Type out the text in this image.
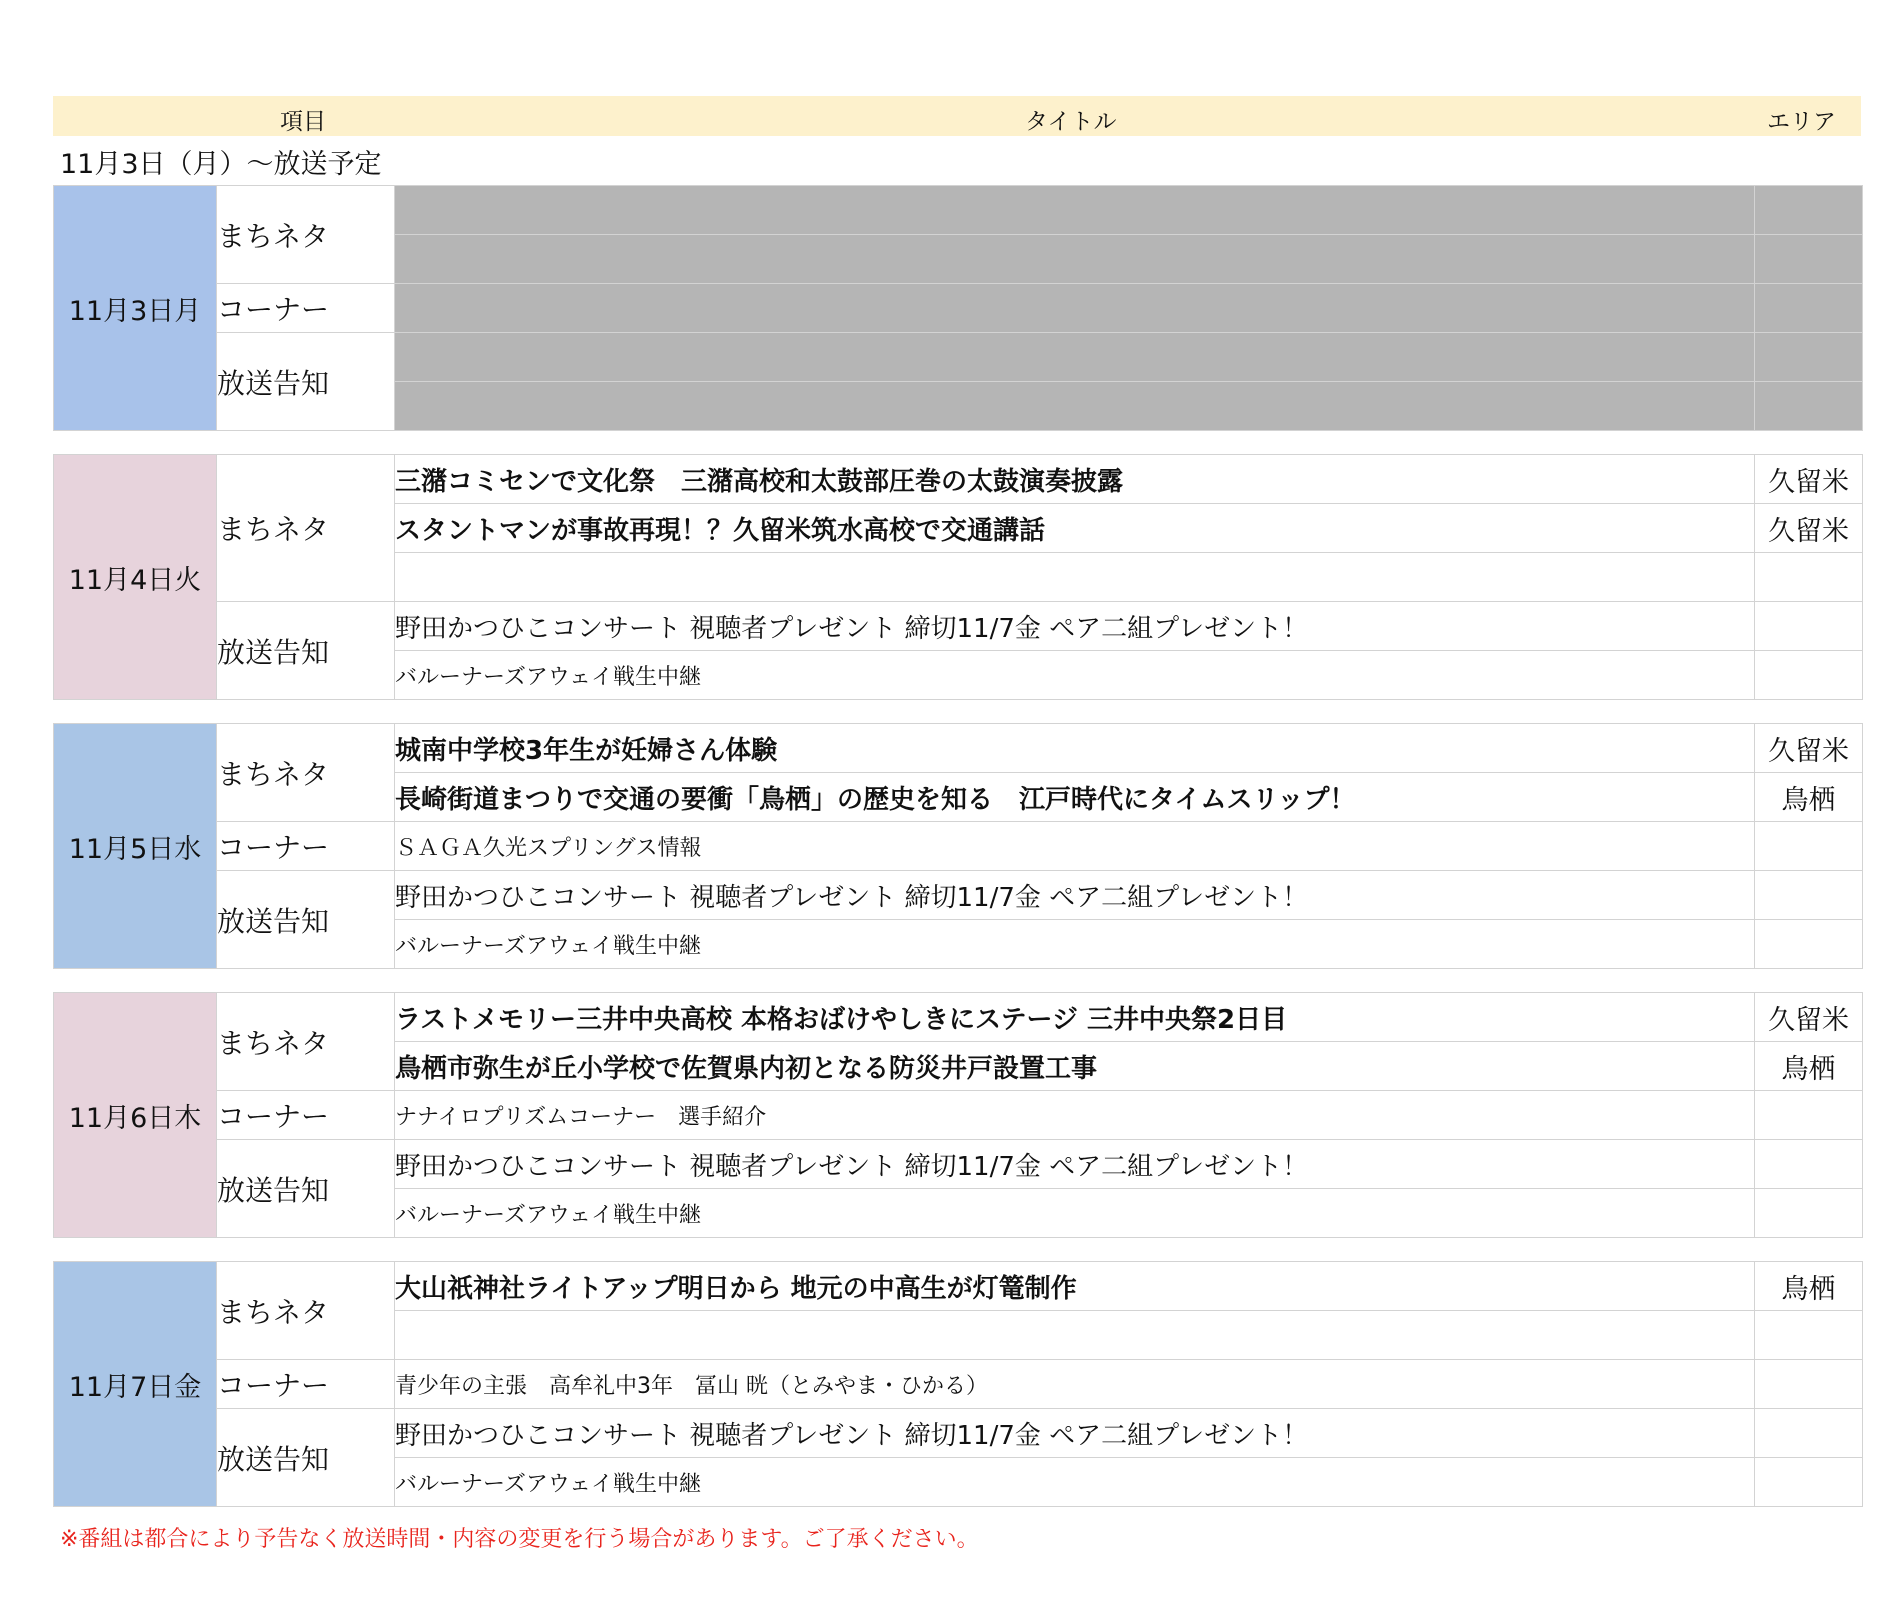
項目	タイトル	エリア
11月3日（月）〜放送予定
11月3日月	まちネタ		

	コーナー		
	放送告知		

11月4日火	まちネタ	三潴コミセンで文化祭　三潴高校和太鼓部圧巻の太鼓演奏披露	久留米
		スタントマンが事故再現！？久留米筑水高校で交通講話	久留米

	放送告知	野田かつひこコンサート 視聴者プレゼント 締切11/7金 ペア二組プレゼント！	
		バルーナーズアウェイ戦生中継	
11月5日水	まちネタ	城南中学校3年生が妊婦さん体験	久留米
		長崎街道まつりで交通の要衝「鳥栖」の歴史を知る　江戸時代にタイムスリップ！	鳥栖
	コーナー	ＳＡＧＡ久光スプリングス情報	
	放送告知	野田かつひこコンサート 視聴者プレゼント 締切11/7金 ペア二組プレゼント！	
		バルーナーズアウェイ戦生中継	
11月6日木	まちネタ	ラストメモリー三井中央高校 本格おばけやしきにステージ 三井中央祭2日目	久留米
		鳥栖市弥生が丘小学校で佐賀県内初となる防災井戸設置工事	鳥栖
	コーナー	ナナイロプリズムコーナー　選手紹介	
	放送告知	野田かつひこコンサート 視聴者プレゼント 締切11/7金 ペア二組プレゼント！	
		バルーナーズアウェイ戦生中継	
11月7日金	まちネタ	大山祇神社ライトアップ明日から 地元の中高生が灯篭制作	鳥栖

	コーナー	青少年の主張　高牟礼中3年　冨山 晄（とみやま・ひかる）	
	放送告知	野田かつひこコンサート 視聴者プレゼント 締切11/7金 ペア二組プレゼント！	
		バルーナーズアウェイ戦生中継	
※番組は都合により予告なく放送時間・内容の変更を行う場合があります。ご了承ください。
